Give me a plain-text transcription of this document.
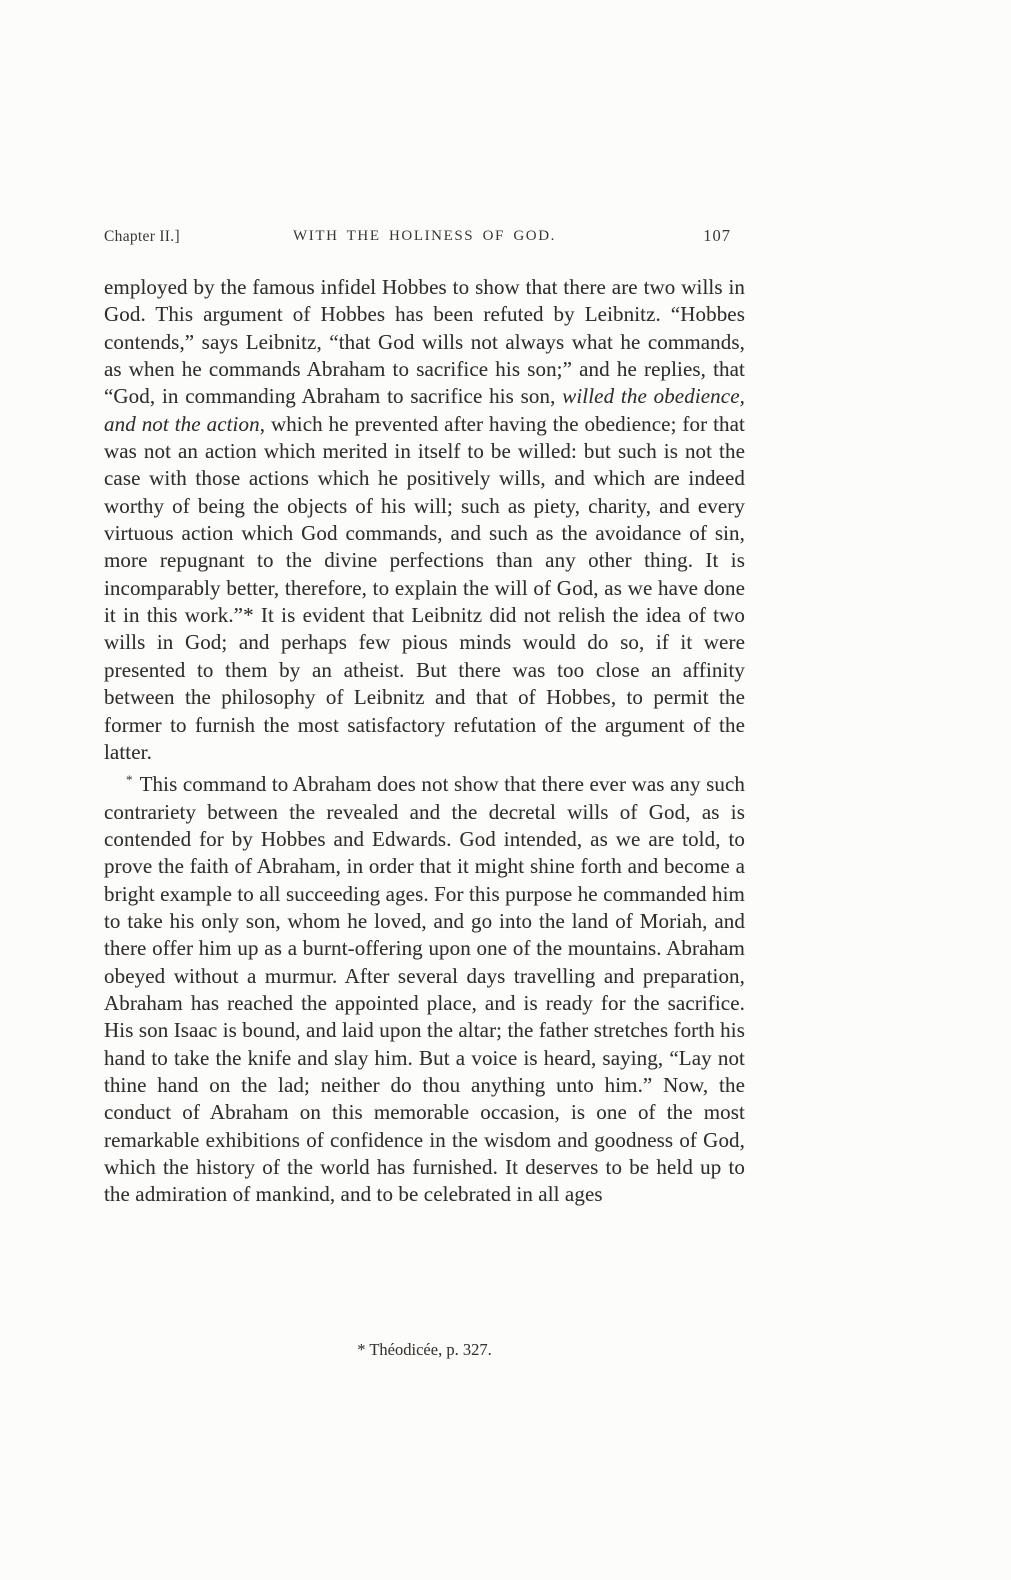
Chapter II.]	WITH THE HOLINESS OF GOD.	107

employed by the famous infidel Hobbes to show that there are two wills in God. This argument of Hobbes has been refuted by Leibnitz. “Hobbes contends,” says Leibnitz, “that God wills not always what he commands, as when he commands Abraham to sacrifice his son;” and he replies, that “God, in commanding Abraham to sacrifice his son, willed the obedience, and not the action, which he prevented after having the obedience; for that was not an action which merited in itself to be willed: but such is not the case with those actions which he positively wills, and which are indeed worthy of being the objects of his will; such as piety, charity, and every virtuous action which God commands, and such as the avoidance of sin, more repugnant to the divine perfections than any other thing. It is incomparably better, therefore, to explain the will of God, as we have done it in this work.”* It is evident that Leibnitz did not relish the idea of two wills in God; and perhaps few pious minds would do so, if it were presented to them by an atheist. But there was too close an affinity between the philosophy of Leibnitz and that of Hobbes, to permit the former to furnish the most satisfactory refutation of the argument of the latter.

* This command to Abraham does not show that there ever was any such contrariety between the revealed and the decretal wills of God, as is contended for by Hobbes and Edwards. God intended, as we are told, to prove the faith of Abraham, in order that it might shine forth and become a bright example to all succeeding ages. For this purpose he commanded him to take his only son, whom he loved, and go into the land of Moriah, and there offer him up as a burnt-offering upon one of the mountains. Abraham obeyed without a murmur. After several days travelling and preparation, Abraham has reached the appointed place, and is ready for the sacrifice. His son Isaac is bound, and laid upon the altar; the father stretches forth his hand to take the knife and slay him. But a voice is heard, saying, “Lay not thine hand on the lad; neither do thou anything unto him.” Now, the conduct of Abraham on this memorable occasion, is one of the most remarkable exhibitions of confidence in the wisdom and goodness of God, which the history of the world has furnished. It deserves to be held up to the admiration of mankind, and to be celebrated in all ages

* Théodicée, p. 327.
